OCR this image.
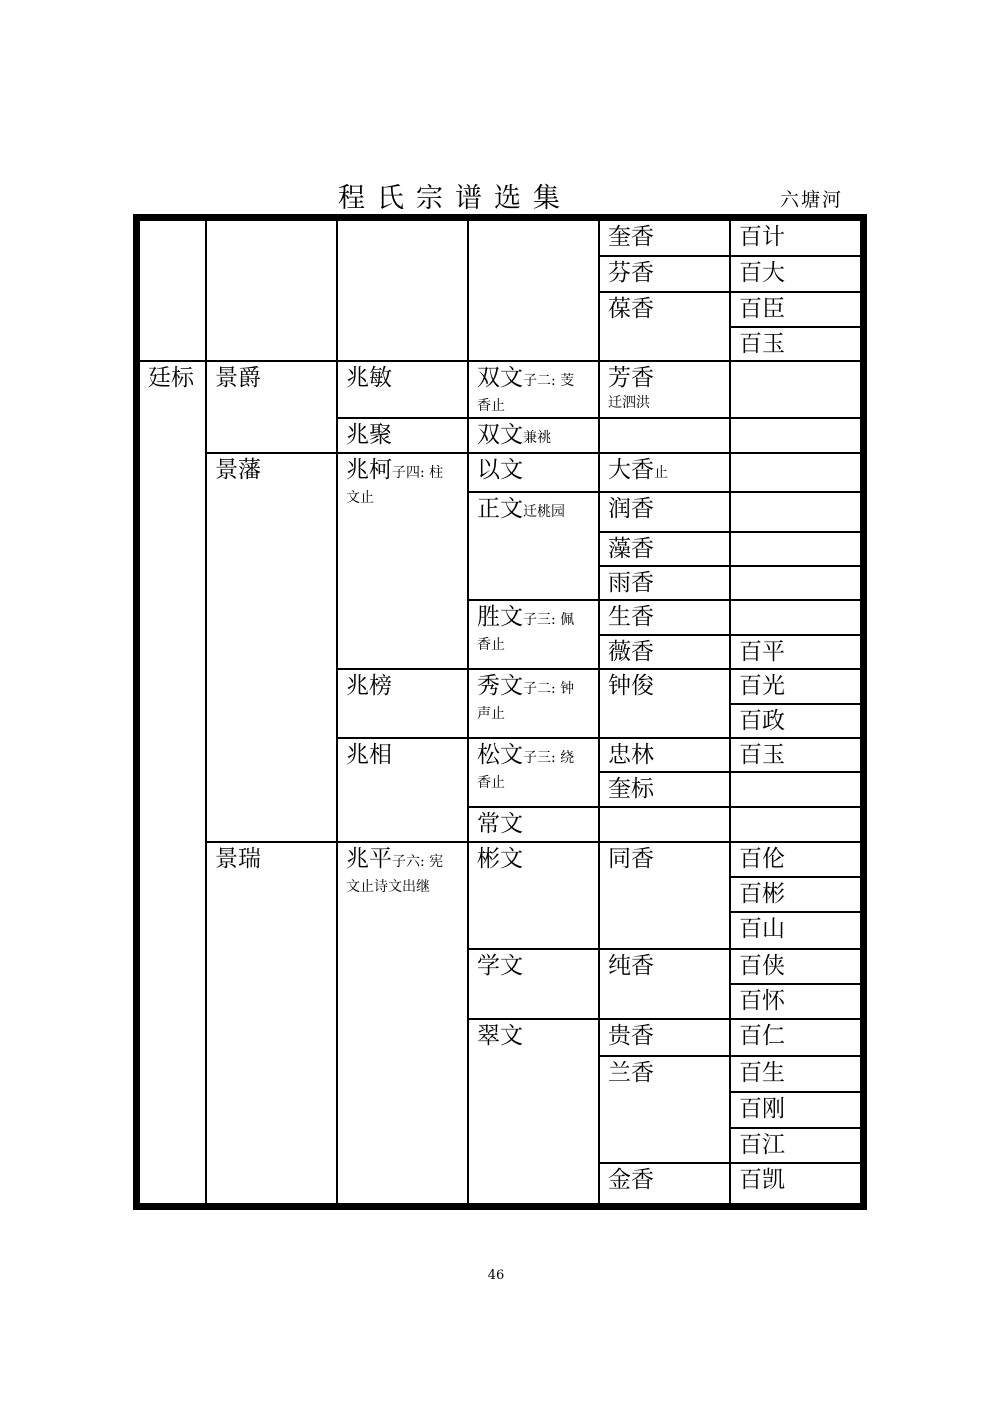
程氏宗谱选集	六塘河
廷标 景爵
景藩
景瑞
兆敏
兆聚
兆柯子四: 柱
文止
兆榜
兆相
兆平子六: 宪
文止诗文出继
双文子二: 芰
香止
双文兼祧
以文
正文迁桃园
胜文子三: 佩
香止
秀文子二: 钟
声止
松文子三: 绕
香止
常文
彬文
学文
翠文
奎香
芬香
葆香
芳香
迁泗洪
大香止
润香
藻香
雨香
生香
薇香
钟俊
忠林
奎标
同香
纯香
贵香
兰香
金香
百计
百大
百臣
百玉
百平
百光
百政
百玉
百伦
百彬
百山
百侠
百怀
百仁
百生
百刚
百江
百凯
46
